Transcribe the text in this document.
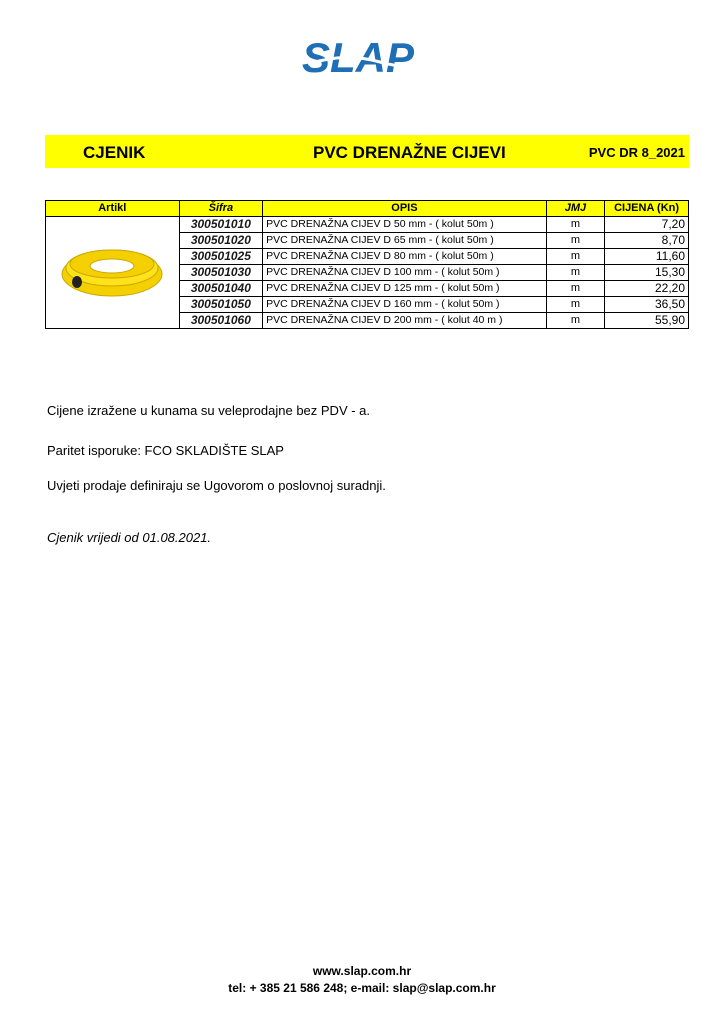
SLAP
CJENIK	PVC DRENAŽNE CIJEVI	PVC DR 8_2021
Artikl	Šifra	OPIS	JMJ	CIJENA (Kn)
	300501010	PVC DRENAŽNA CIJEV D 50 mm - ( kolut 50m )	m	7,20
	300501020	PVC DRENAŽNA CIJEV D 65 mm - ( kolut 50m )	m	8,70
	300501025	PVC DRENAŽNA CIJEV D 80 mm - ( kolut 50m )	m	11,60
	300501030	PVC DRENAŽNA CIJEV D 100 mm - ( kolut 50m )	m	15,30
	300501040	PVC DRENAŽNA CIJEV D 125 mm - ( kolut 50m )	m	22,20
	300501050	PVC DRENAŽNA CIJEV D 160 mm - ( kolut 50m )	m	36,50
	300501060	PVC DRENAŽNA CIJEV D 200 mm - ( kolut 40 m )	m	55,90
Cijene izražene u kunama su veleprodajne bez PDV - a.
Paritet isporuke: FCO SKLADIŠTE SLAP
Uvjeti prodaje definiraju se Ugovorom o poslovnoj suradnji.
Cjenik vrijedi od 01.08.2021.
www.slap.com.hr
tel: + 385 21 586 248; e-mail: slap@slap.com.hr
